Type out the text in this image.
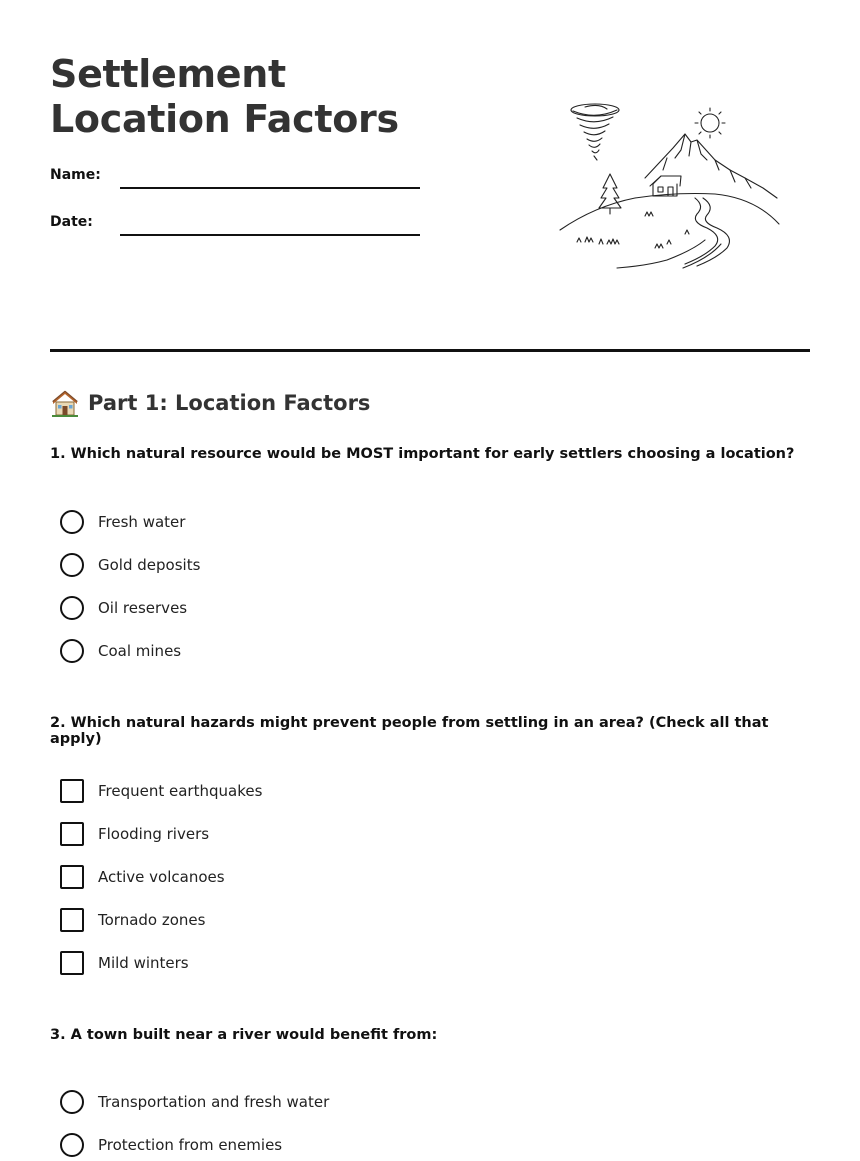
Settlement Location Factors
Name:
Date:
Part 1: Location Factors
1. Which natural resource would be MOST important for early settlers choosing a location?
Fresh water
Gold deposits
Oil reserves
Coal mines
2. Which natural hazards might prevent people from settling in an area? (Check all that apply)
Frequent earthquakes
Flooding rivers
Active volcanoes
Tornado zones
Mild winters
3. A town built near a river would benefit from:
Transportation and fresh water
Protection from enemies
